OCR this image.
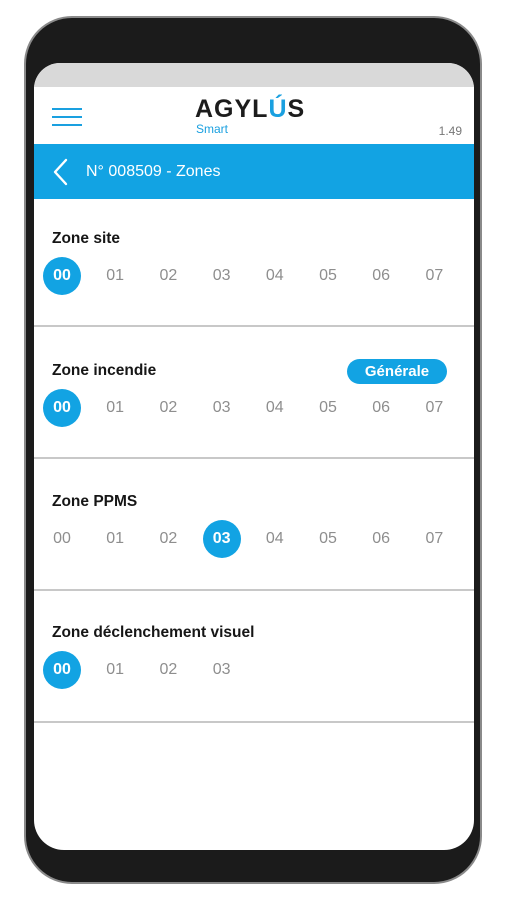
AGYLÚS
Smart	1.49
N° 008509 - Zones
Zone site
00	01	02	03	04	05	06	07
Zone incendie	Générale
00	01	02	03	04	05	06	07
Zone PPMS
00	01	02	03	04	05	06	07
Zone déclenchement visuel
00	01	02	03
